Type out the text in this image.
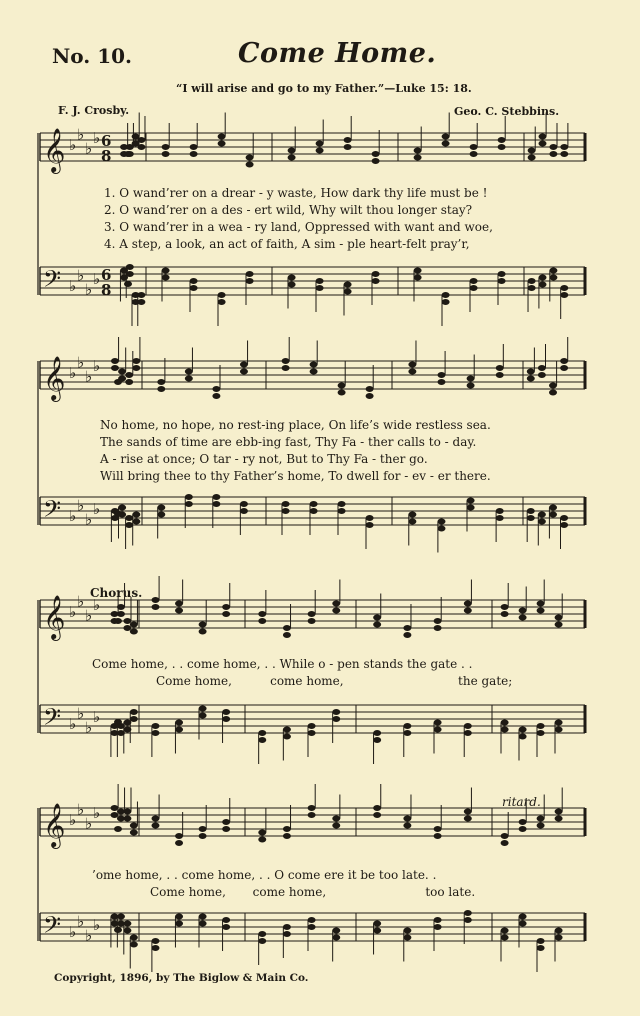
No. 10.	Come Home.
“I will arise and go to my Father.”—Luke 15: 18.
F. J. Crosby.	Geo. C. Stebbins.
𝄞 ♭
♭
♭
♭
𝄢 ♭
♭
♭
♭
6
8
6
8
𝄞 ♭
♭
♭
♭
𝄢 ♭
♭
♭
♭
𝄞 ♭
♭
♭
♭
𝄢 ♭
♭
♭
♭
𝄞 ♭
♭
♭
♭
𝄢 ♭
♭
♭
♭
1. O wand’rer on a drear - y waste, How dark thy life must be !
2. O wand’rer on a des - ert wild, Why wilt thou longer stay?
3. O wand’rer in a wea - ry land, Oppressed with want and woe,
4. A step, a look, an act of faith, A sim - ple heart-felt pray’r,
No home, no hope, no rest-ing place, On life’s wide restless sea.
The sands of time are ebb-ing fast, Thy Fa - ther calls to - day.
A - rise at once; O tar - ry not, But to Thy Fa - ther go.
Will bring thee to thy Father’s home, To dwell for - ev - er there.
Chorus.
Come home, . . come home, . . While o - pen stands the gate . .
Come home,          come home,                              the gate;
ritard.
’ome home, . . come home, . . O come ere it be too late. .
Come home,       come home,                          too late.
Copyright, 1896, by The Biglow & Main Co.
